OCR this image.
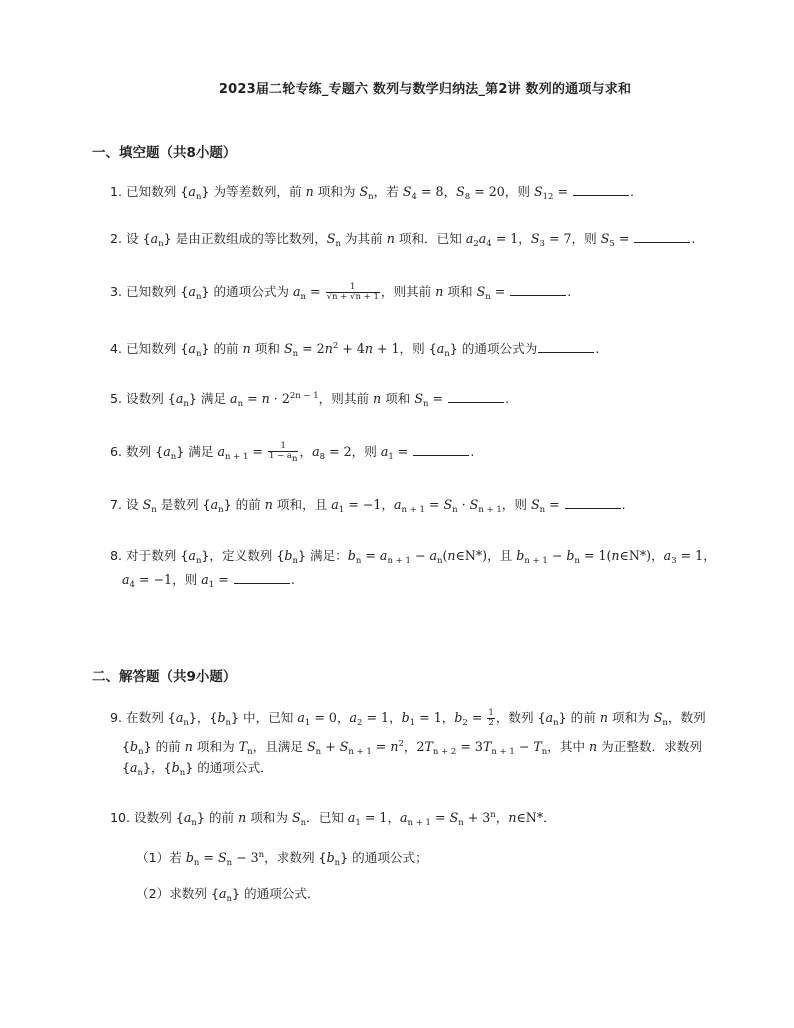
2023届二轮专练_专题六 数列与数学归纳法_第2讲 数列的通项与求和
一、填空题（共8小题）
1. 已知数列 $\{a_n\}$ 为等差数列，前 n 项和为 $S_n$，若 $S_4 = 8$，$S_8 = 20$，则 $S_{12}$ =	.
2. 设 $\{a_n\}$ 是由正数组成的等比数列，$S_n$ 为其前 n 项和．已知 $a_2a_4 = 1$，$S_3 = 7$，则 $S_5$ =	.
3. 已知数列 $\{a_n\}$ 的通项公式为 $a_n = \frac{1}{√n + √n + 1}$ ，则其前 n 项和 $S_n$ =	.
4. 已知数列 $\{a_n\}$ 的前 n 项和 $S_n = 2n^2 + 4n + 1$，则 $\{a_n\}$ 的通项公式为	.
5. 设数列 $\{a_n\}$ 满足 $a_n = n \cdot 2^{2n - 1}$，则其前 n 项和 $S_n$ =	.
6. 数列 $\{a_n\}$ 满足 $a_{n + 1} = \frac{1}{1 - a_n}$ ，$a_8 = 2$，则 $a_1$ =	.
7. 设 $S_n$ 是数列 $\{a_n\}$ 的前 n 项和，且 $a_1 = -1$，$a_{n + 1} = S_n \cdot S_{n + 1}$，则 $S_n$ =	.
8. 对于数列 $\{a_n\}$，定义数列 $\{b_n\}$ 满足：$b_n = a_{n + 1}$ − $a_n(n\in N*)$，且 $b_{n + 1} - b_n$ = 1(n∈N*)，$a_3 = 1$，
$a_4 = -1$，则 $a_1$ =	.
二、解答题（共9小题）
9. 在数列 $\{a_n\}$，$\{b_n\}$ 中，已知 $a_1 = 0$，$a_2 = 1$，$b_1 = 1$，$b_2 = \frac{1}{2}$ ，数列 $\{a_n\}$ 的前 n 项和为 $S_n$，数列
$\{b_n\}$ 的前 n 项和为 $T_n$，且满足 $S_n + S_{n + 1} = n^2$，$2T_{n + 2} = 3T_{n + 1} - T_n$，其中 n 为正整数．求数列
$\{a_n\}$，$\{b_n\}$ 的通项公式．
10. 设数列 $\{a_n\}$ 的前 n 项和为 $S_n$．已知 $a_1 = 1$，$a_{n + 1} = S_n + 3^n$，n∈N*．
（1）若 $b_n = S_n - 3^n$，求数列 $\{b_n\}$ 的通项公式；
（2）求数列 $\{a_n\}$ 的通项公式．
